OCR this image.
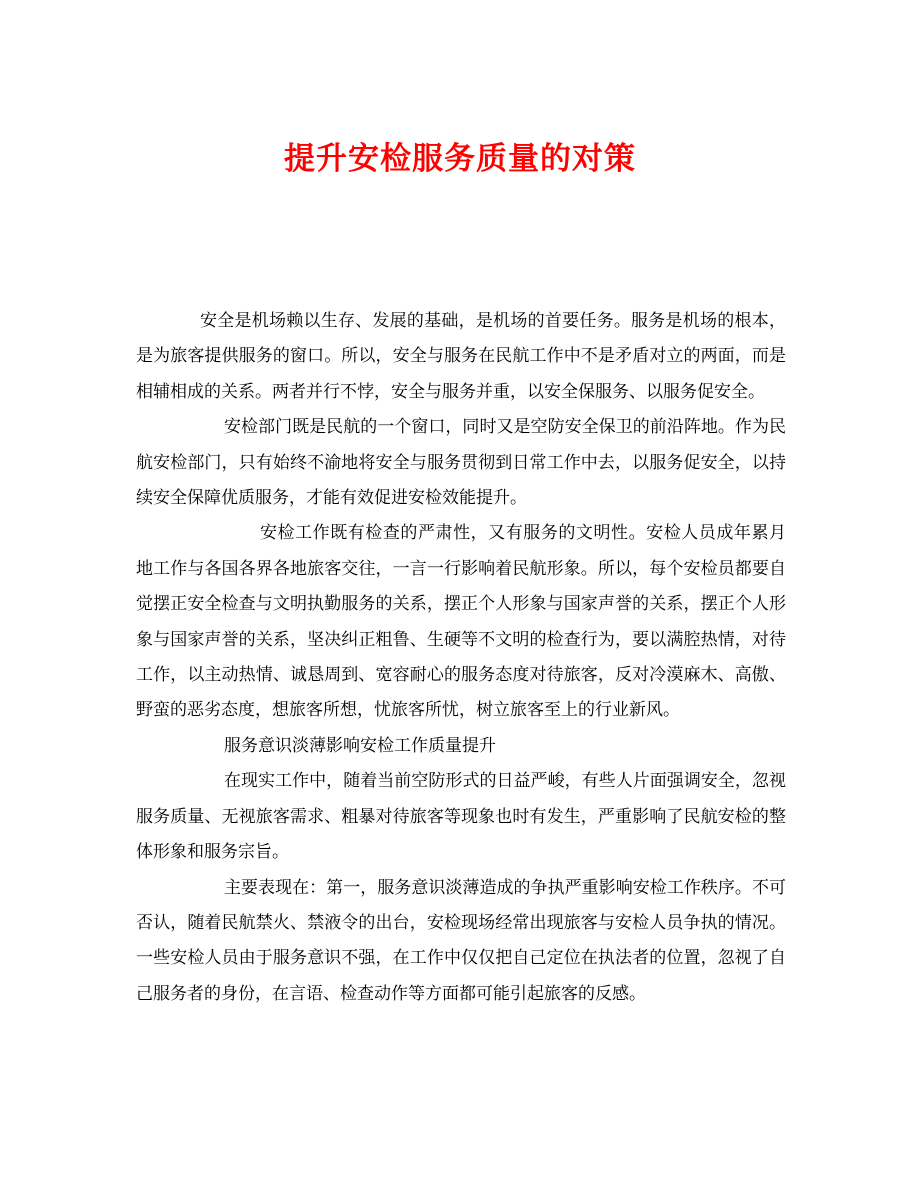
提升安检服务质量的对策

安全是机场赖以生存、发展的基础，是机场的首要任务。服务是机场的根本，是为旅客提供服务的窗口。所以，安全与服务在民航工作中不是矛盾对立的两面，而是相辅相成的关系。两者并行不悖，安全与服务并重，以安全保服务、以服务促安全。

安检部门既是民航的一个窗口，同时又是空防安全保卫的前沿阵地。作为民航安检部门，只有始终不渝地将安全与服务贯彻到日常工作中去，以服务促安全，以持续安全保障优质服务，才能有效促进安检效能提升。

安检工作既有检查的严肃性，又有服务的文明性。安检人员成年累月地工作与各国各界各地旅客交往，一言一行影响着民航形象。所以，每个安检员都要自觉摆正安全检查与文明执勤服务的关系，摆正个人形象与国家声誉的关系，摆正个人形象与国家声誉的关系，坚决纠正粗鲁、生硬等不文明的检查行为，要以满腔热情，对待工作，以主动热情、诚恳周到、宽容耐心的服务态度对待旅客，反对冷漠麻木、高傲、野蛮的恶劣态度，想旅客所想，忧旅客所忧，树立旅客至上的行业新风。

服务意识淡薄影响安检工作质量提升

在现实工作中，随着当前空防形式的日益严峻，有些人片面强调安全，忽视服务质量、无视旅客需求、粗暴对待旅客等现象也时有发生，严重影响了民航安检的整体形象和服务宗旨。

主要表现在：第一，服务意识淡薄造成的争执严重影响安检工作秩序。不可否认，随着民航禁火、禁液令的出台，安检现场经常出现旅客与安检人员争执的情况。一些安检人员由于服务意识不强，在工作中仅仅把自己定位在执法者的位置，忽视了自己服务者的身份，在言语、检查动作等方面都可能引起旅客的反感。
